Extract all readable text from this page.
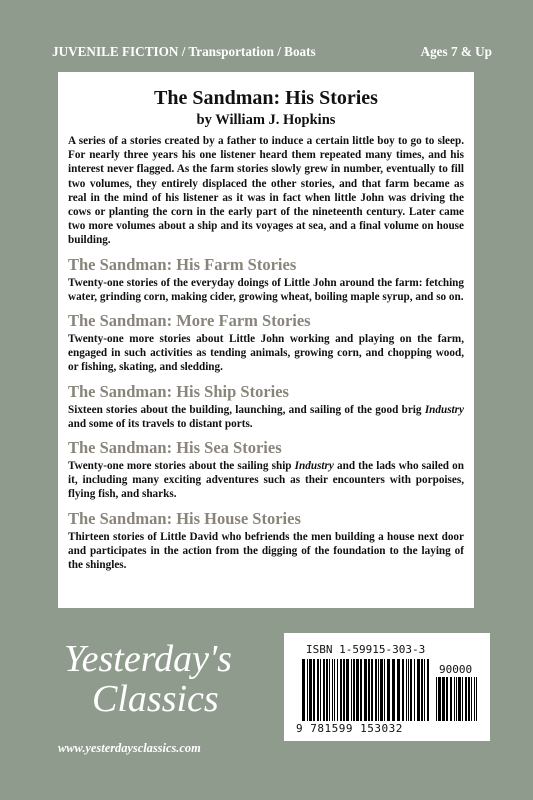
JUVENILE FICTION / Transportation / Boats	Ages 7 & Up
The Sandman: His Stories
by William J. Hopkins

A series of a stories created by a father to induce a certain little boy to go to sleep. For nearly three years his one listener heard them repeated many times, and his interest never flagged. As the farm stories slowly grew in number, eventually to fill two volumes, they entirely displaced the other stories, and that farm became as real in the mind of his listener as it was in fact when little John was driving the cows or planting the corn in the early part of the nineteenth century. Later came two more volumes about a ship and its voyages at sea, and a final volume on house building.

The Sandman: His Farm Stories

Twenty-one stories of the everyday doings of Little John around the farm: fetching water, grinding corn, making cider, growing wheat, boiling maple syrup, and so on.

The Sandman: More Farm Stories

Twenty-one more stories about Little John working and playing on the farm, engaged in such activities as tending animals, growing corn, and chopping wood, or fishing, skating, and sledding.

The Sandman: His Ship Stories

Sixteen stories about the building, launching, and sailing of the good brig Industry and some of its travels to distant ports.

The Sandman: His Sea Stories

Twenty-one more stories about the sailing ship Industry and the lads who sailed on it, including many exciting adventures such as their encounters with porpoises, flying fish, and sharks.

The Sandman: His House Stories

Thirteen stories of Little David who befriends the men building a house next door and participates in the action from the digging of the foundation to the laying of the shingles.

Yesterday's
Classics
www.yesterdaysclassics.com
ISBN 1-59915-303-3
90000
9 781599 153032
